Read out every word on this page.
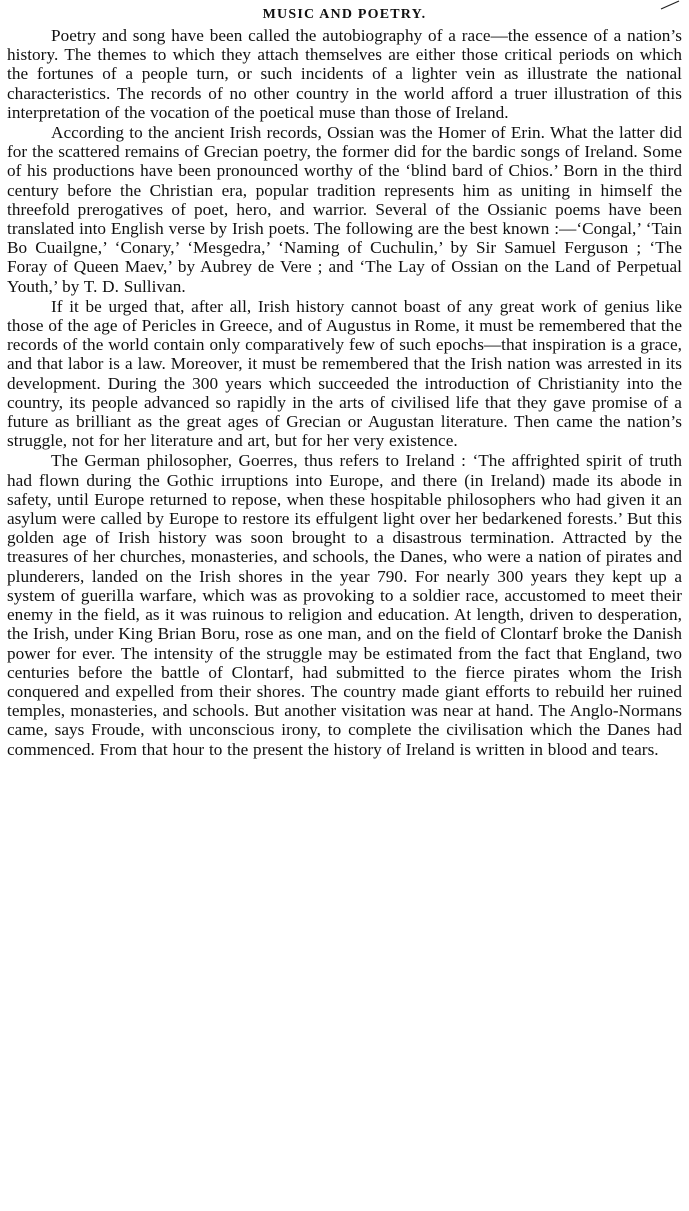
MUSIC AND POETRY.

Poetry and song have been called the autobiography of a race—the essence of a nation’s history. The themes to which they attach themselves are either those critical periods on which the fortunes of a people turn, or such incidents of a lighter vein as illustrate the national characteristics. The records of no other country in the world afford a truer illustration of this interpretation of the vocation of the poetical muse than those of Ireland.

According to the ancient Irish records, Ossian was the Homer of Erin. What the latter did for the scattered remains of Grecian poetry, the former did for the bardic songs of Ireland. Some of his productions have been pronounced worthy of the ‘blind bard of Chios.’ Born in the third century before the Christian era, popular tradition represents him as uniting in himself the threefold prerogatives of poet, hero, and warrior. Several of the Ossianic poems have been translated into English verse by Irish poets. The following are the best known :—‘Congal,’ ‘Tain Bo Cuailgne,’ ‘Conary,’ ‘Mesgedra,’ ‘Naming of Cuchulin,’ by Sir Samuel Ferguson ; ‘The Foray of Queen Maev,’ by Aubrey de Vere ; and ‘The Lay of Ossian on the Land of Perpetual Youth,’ by T. D. Sullivan.

If it be urged that, after all, Irish history cannot boast of any great work of genius like those of the age of Pericles in Greece, and of Augustus in Rome, it must be remembered that the records of the world contain only comparatively few of such epochs—that inspiration is a grace, and that labor is a law. Moreover, it must be remembered that the Irish nation was arrested in its development. During the 300 years which succeeded the introduction of Christianity into the country, its people advanced so rapidly in the arts of civilised life that they gave promise of a future as brilliant as the great ages of Grecian or Augustan literature. Then came the nation’s struggle, not for her literature and art, but for her very existence.

The German philosopher, Goerres, thus refers to Ireland : ‘The affrighted spirit of truth had flown during the Gothic irruptions into Europe, and there (in Ireland) made its abode in safety, until Europe returned to repose, when these hospitable philosophers who had given it an asylum were called by Europe to restore its effulgent light over her bedarkened forests.’ But this golden age of Irish history was soon brought to a disastrous termination. Attracted by the treasures of her churches, monasteries, and schools, the Danes, who were a nation of pirates and plunderers, landed on the Irish shores in the year 790. For nearly 300 years they kept up a system of guerilla warfare, which was as provoking to a soldier race, accustomed to meet their enemy in the field, as it was ruinous to religion and education. At length, driven to desperation, the Irish, under King Brian Boru, rose as one man, and on the field of Clontarf broke the Danish power for ever. The intensity of the struggle may be estimated from the fact that England, two centuries before the battle of Clontarf, had submitted to the fierce pirates whom the Irish conquered and expelled from their shores. The country made giant efforts to rebuild her ruined temples, monasteries, and schools. But another visitation was near at hand. The Anglo-Normans came, says Froude, with unconscious irony, to complete the civilisation which the Danes had commenced. From that hour to the present the history of Ireland is written in blood and tears.
